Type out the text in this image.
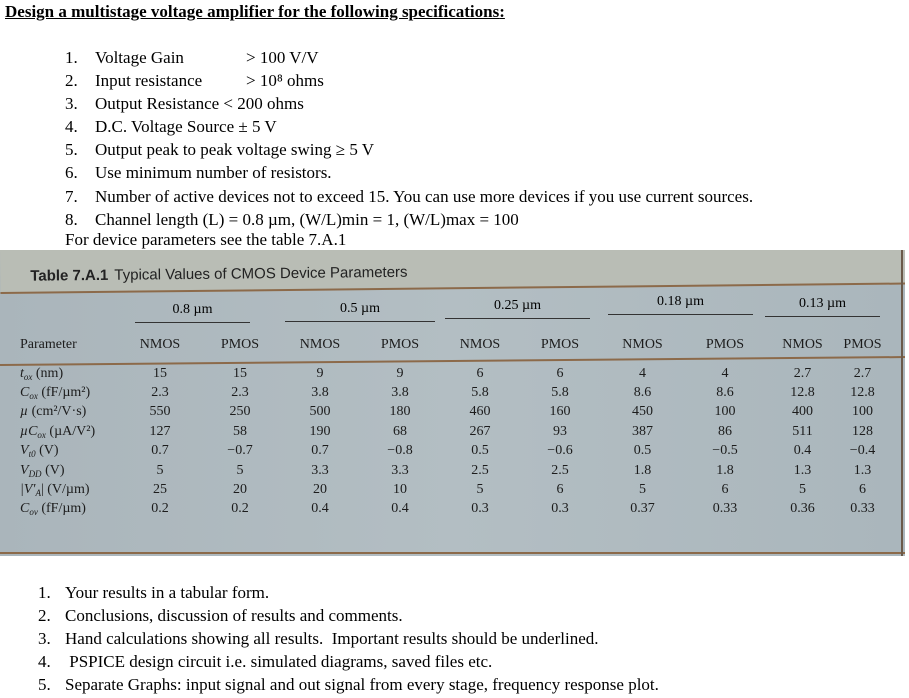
Design a multistage voltage amplifier for the following specifications:
1.	Voltage Gain	> 100 V/V
2.	Input resistance	> 10⁸ ohms
3.	Output Resistance < 200 ohms
4.	D.C. Voltage Source ± 5 V
5.	Output peak to peak voltage swing ≥ 5 V
6.	Use minimum number of resistors.
7.	Number of active devices not to exceed 15. You can use more devices if you use current sources.
8.	Channel length (L) = 0.8 µm, (W/L)min = 1, (W/L)max = 100
For device parameters see the table 7.A.1
Table 7.A.1 Typical Values of CMOS Device Parameters
0.8 µm	0.5 µm	0.25 µm	0.18 µm	0.13 µm
Parameter	NMOS	PMOS	NMOS	PMOS	NMOS	PMOS	NMOS	PMOS	NMOS	PMOS
$t_{ox}$ (nm)	15	15	9	9	6	6	4	4	2.7	2.7
$C_{ox}$ (fF/µm²)	2.3	2.3	3.8	3.8	5.8	5.8	8.6	8.6	12.8	12.8
µ (cm²/V·s)	550	250	500	180	460	160	450	100	400	100
µC$_{ox}$ (µA/V²)	127	58	190	68	267	93	387	86	511	128
$V_{t0}$ (V)	0.7	−0.7	0.7	−0.8	0.5	−0.6	0.5	−0.5	0.4	−0.4
$V_{DD}$ (V)	5	5	3.3	3.3	2.5	2.5	1.8	1.8	1.3	1.3
$|V'_A|$ (V/µm)	25	20	20	10	5	6	5	6	5	6
$C_{ov}$ (fF/µm)	0.2	0.2	0.4	0.4	0.3	0.3	0.37	0.33	0.36	0.33
1. Your results in a tabular form.
2. Conclusions, discussion of results and comments.
3. Hand calculations showing all results.  Important results should be underlined.
4. PSPICE design circuit i.e. simulated diagrams, saved files etc.
5. Separate Graphs: input signal and out signal from every stage, frequency response plot.
